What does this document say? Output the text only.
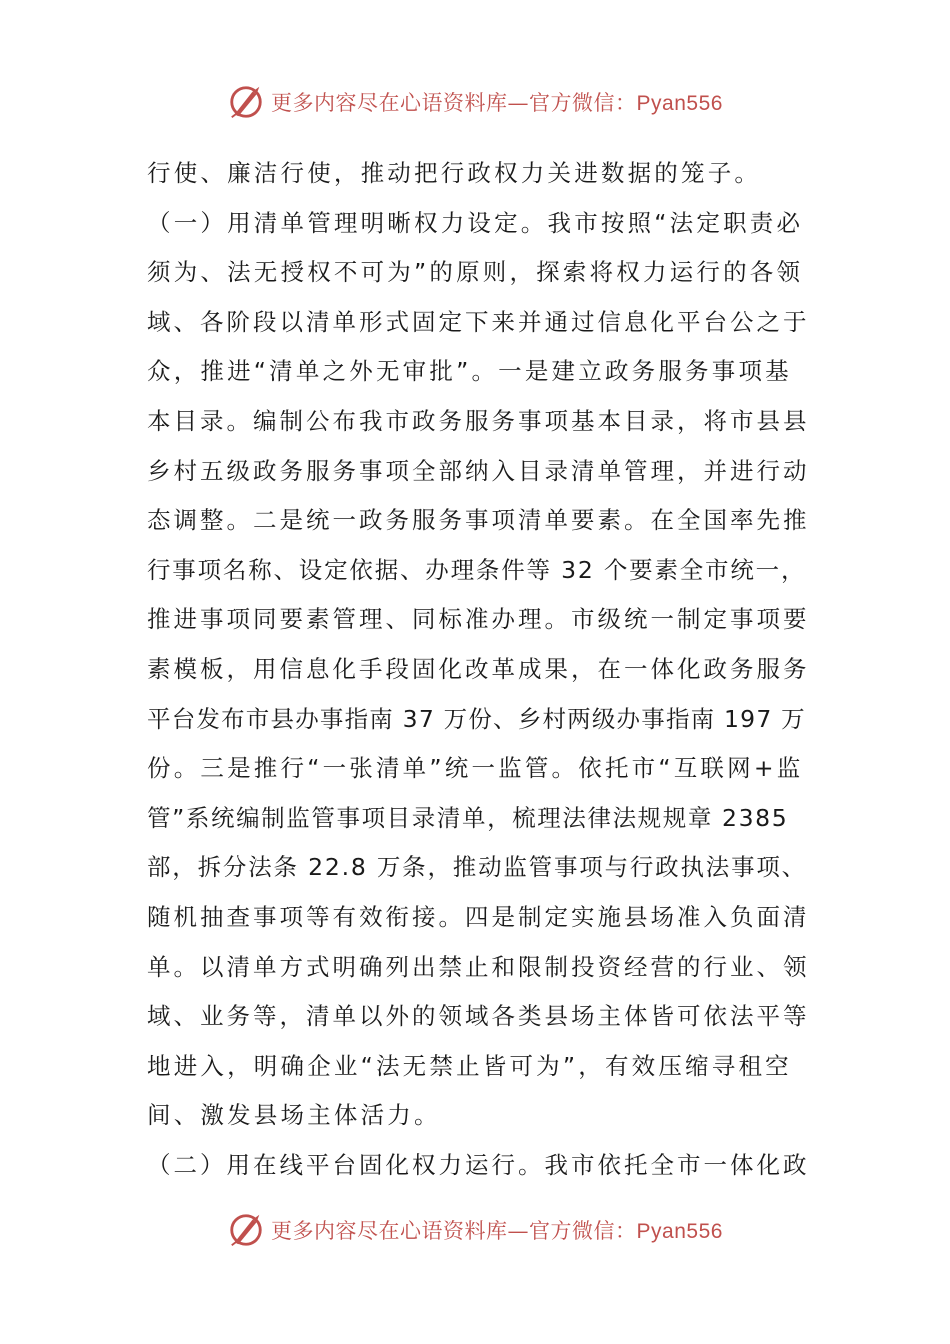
更多内容尽在心语资料库—官方微信：Pyan556
行使、廉洁行使，推动把行政权力关进数据的笼子。
（一）用清单管理明晰权力设定。我市按照“法定职责必
须为、法无授权不可为”的原则，探索将权力运行的各领
域、各阶段以清单形式固定下来并通过信息化平台公之于
众，推进“清单之外无审批”。一是建立政务服务事项基
本目录。编制公布我市政务服务事项基本目录，将市县县
乡村五级政务服务事项全部纳入目录清单管理，并进行动
态调整。二是统一政务服务事项清单要素。在全国率先推
行事项名称、设定依据、办理条件等 32 个要素全市统一，
推进事项同要素管理、同标准办理。市级统一制定事项要
素模板，用信息化手段固化改革成果，在一体化政务服务
平台发布市县办事指南 37 万份、乡村两级办事指南 197 万
份。三是推行“一张清单”统一监管。依托市“互联网+监
管”系统编制监管事项目录清单，梳理法律法规规章 2385
部，拆分法条 22.8 万条，推动监管事项与行政执法事项、
随机抽查事项等有效衔接。四是制定实施县场准入负面清
单。以清单方式明确列出禁止和限制投资经营的行业、领
域、业务等，清单以外的领域各类县场主体皆可依法平等
地进入，明确企业“法无禁止皆可为”，有效压缩寻租空
间、激发县场主体活力。
（二）用在线平台固化权力运行。我市依托全市一体化政
更多内容尽在心语资料库—官方微信：Pyan556
